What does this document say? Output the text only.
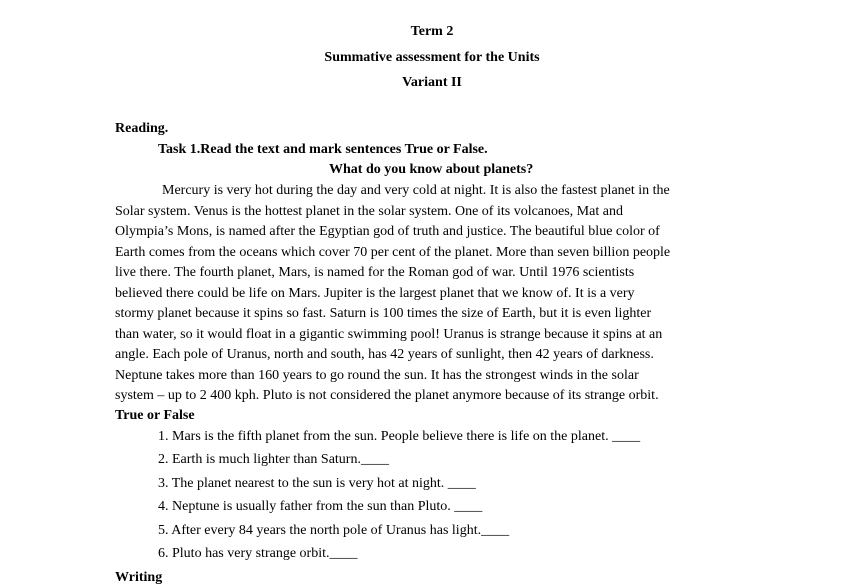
Term 2
Summative assessment for the Units
Variant II
Reading.
Task 1.Read the text and mark sentences True or False.
What do you know about planets?
Mercury is very hot during the day and very cold at night. It is also the fastest planet in the
Solar system. Venus is the hottest planet in the solar system. One of its volcanoes, Mat and
Olympia’s Mons, is named after the Egyptian god of truth and justice. The beautiful blue color of
Earth comes from the oceans which cover 70 per cent of the planet. More than seven billion people
live there. The fourth planet, Mars, is named for the Roman god of war. Until 1976 scientists
believed there could be life on Mars. Jupiter is the largest planet that we know of. It is a very
stormy planet because it spins so fast. Saturn is 100 times the size of Earth, but it is even lighter
than water, so it would float in a gigantic swimming pool! Uranus is strange because it spins at an
angle. Each pole of Uranus, north and south, has 42 years of sunlight, then 42 years of darkness.
Neptune takes more than 160 years to go round the sun. It has the strongest winds in the solar
system – up to 2 400 kph. Pluto is not considered the planet anymore because of its strange orbit.
True or False
1. Mars is the fifth planet from the sun. People believe there is life on the planet. ____
2. Earth is much lighter than Saturn.____
3. The planet nearest to the sun is very hot at night. ____
4. Neptune is usually father from the sun than Pluto. ____
5. After every 84 years the north pole of Uranus has light.____
6. Pluto has very strange orbit.____
Writing
